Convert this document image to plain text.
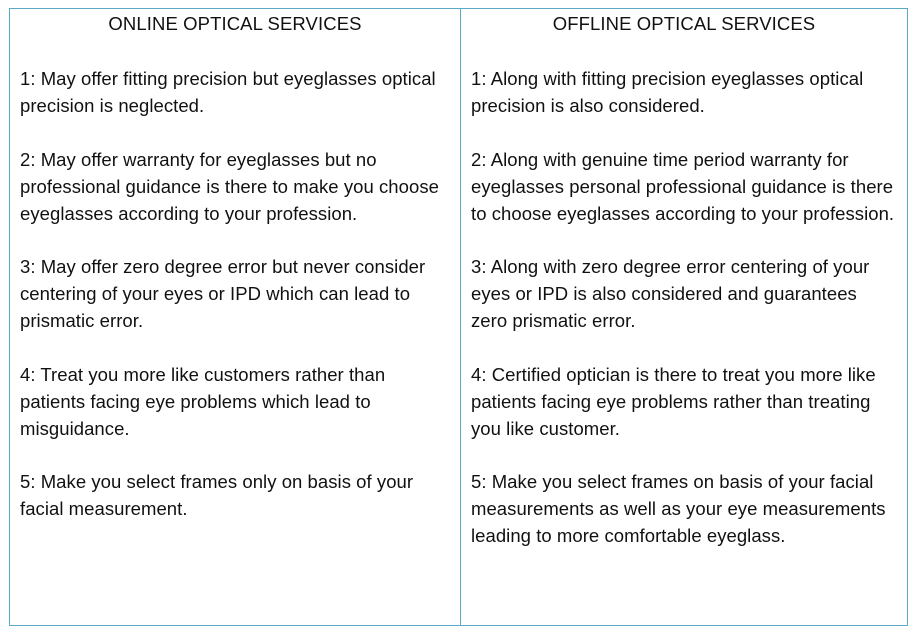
ONLINE OPTICAL SERVICES
1: May offer fitting precision but eyeglasses optical precision is neglected.
2: May offer warranty for eyeglasses but no professional guidance is there to make you choose eyeglasses according to your profession.
3: May offer zero degree error but never consider centering of your eyes or IPD which can lead to prismatic error.
4: Treat you more like customers rather than patients facing eye problems which lead to misguidance.
5: Make you select frames only on basis of your facial measurement.
OFFLINE OPTICAL SERVICES
1: Along with fitting precision eyeglasses optical precision is also considered.
2: Along with genuine time period warranty for eyeglasses personal professional guidance is there to choose eyeglasses according to your profession.
3: Along with zero degree error centering of your eyes or IPD is also considered and guarantees zero prismatic error.
4: Certified optician is there to treat you more like patients facing eye problems rather than treating you like customer.
5: Make you select frames on basis of your facial measurements as well as your eye measurements leading to more comfortable eyeglass.
